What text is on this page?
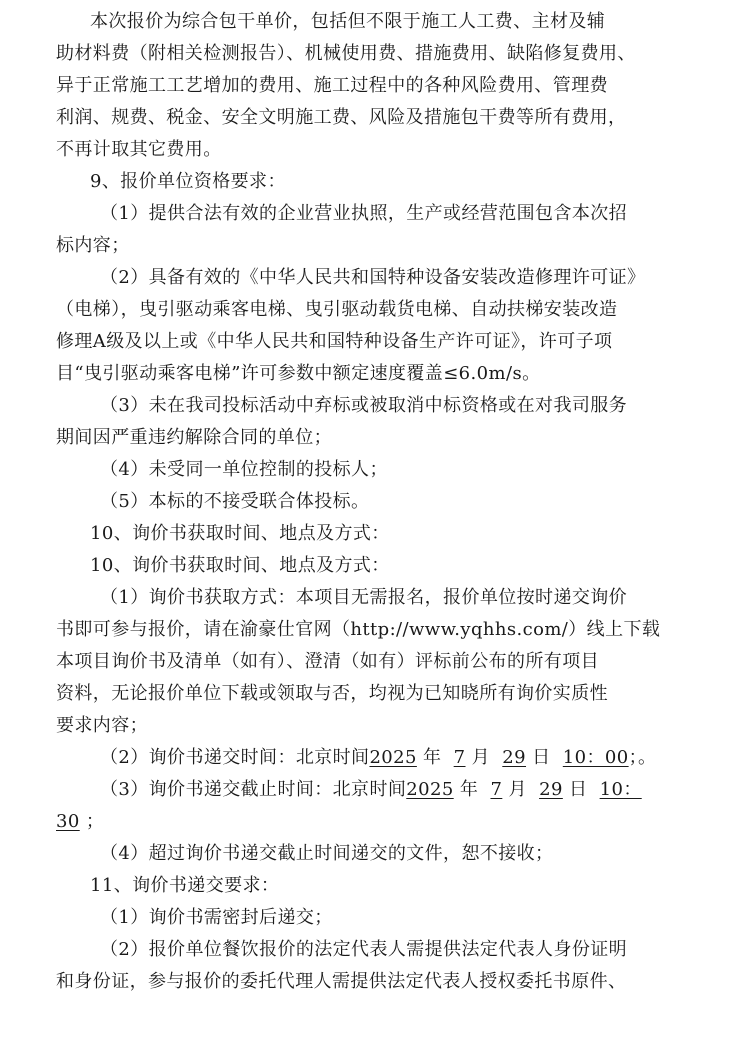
本次报价为综合包干单价，包括但不限于施工人工费、主材及辅
助材料费（附相关检测报告）、机械使用费、措施费用、缺陷修复费用、
异于正常施工工艺增加的费用、施工过程中的各种风险费用、管理费
利润、规费、税金、安全文明施工费、风险及措施包干费等所有费用，
不再计取其它费用。
9、报价单位资格要求：
（1）提供合法有效的企业营业执照，生产或经营范围包含本次招
标内容；
（2）具备有效的《中华人民共和国特种设备安装改造修理许可证》
（电梯），曳引驱动乘客电梯、曳引驱动载货电梯、自动扶梯安装改造
修理A级及以上或《中华人民共和国特种设备生产许可证》，许可子项
目“曳引驱动乘客电梯”许可参数中额定速度覆盖≤6.0m/s。
（3）未在我司投标活动中弃标或被取消中标资格或在对我司服务
期间因严重违约解除合同的单位；
（4）未受同一单位控制的投标人；
（5）本标的不接受联合体投标。
10、询价书获取时间、地点及方式：
10、询价书获取时间、地点及方式：
（1）询价书获取方式：本项目无需报名，报价单位按时递交询价
书即可参与报价，请在渝豪仕官网（http://www.yqhhs.com/）线上下载
本项目询价书及清单（如有）、澄清（如有）评标前公布的所有项目
资料，无论报价单位下载或领取与否，均视为已知晓所有询价实质性
要求内容；
（2）询价书递交时间：北京时间2025 年 7 月 29 日 10：00；。
（3）询价书递交截止时间：北京时间2025 年 7 月 29 日 10：
30 ；
（4）超过询价书递交截止时间递交的文件，恕不接收；
11、询价书递交要求：
（1）询价书需密封后递交；
（2）报价单位餐饮报价的法定代表人需提供法定代表人身份证明
和身份证，参与报价的委托代理人需提供法定代表人授权委托书原件、
